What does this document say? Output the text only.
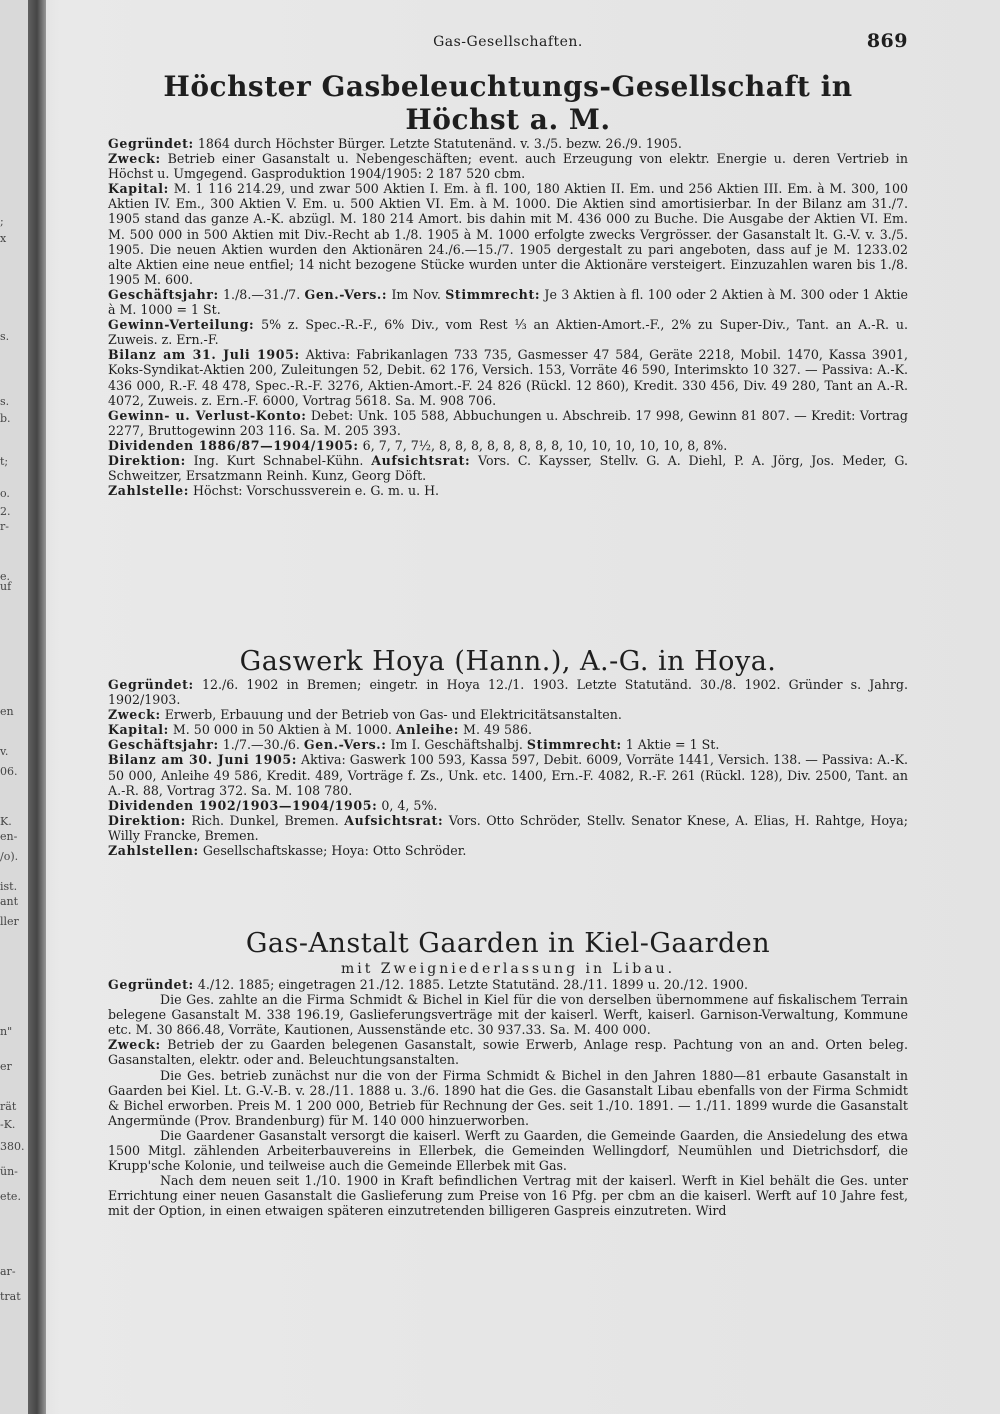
;
x
s.
s.
b.
t;
o.
2.
r-
e.
uf
en
v.
06.
K.
en-
/o).
ist.
ant
ller
n"
er
rät
-K.
380.
ün-
ete.
ar-
trat
Gas-Gesellschaften.	869
Höchster Gasbeleuchtungs-Gesellschaft in Höchst a. M.

Gegründet: 1864 durch Höchster Bürger. Letzte Statutenänd. v. 3./5. bezw. 26./9. 1905.

Zweck: Betrieb einer Gasanstalt u. Nebengeschäften; event. auch Erzeugung von elektr. Energie u. deren Vertrieb in Höchst u. Umgegend. Gasproduktion 1904/1905: 2 187 520 cbm.

Kapital: M. 1 116 214.29, und zwar 500 Aktien I. Em. à fl. 100, 180 Aktien II. Em. und 256 Aktien III. Em. à M. 300, 100 Aktien IV. Em., 300 Aktien V. Em. u. 500 Aktien VI. Em. à M. 1000. Die Aktien sind amortisierbar. In der Bilanz am 31./7. 1905 stand das ganze A.-K. abzügl. M. 180 214 Amort. bis dahin mit M. 436 000 zu Buche. Die Ausgabe der Aktien VI. Em. M. 500 000 in 500 Aktien mit Div.-Recht ab 1./8. 1905 à M. 1000 erfolgte zwecks Vergrösser. der Gasanstalt lt. G.-V. v. 3./5. 1905. Die neuen Aktien wurden den Aktionären 24./6.—15./7. 1905 dergestalt zu pari angeboten, dass auf je M. 1233.02 alte Aktien eine neue entfiel; 14 nicht bezogene Stücke wurden unter die Aktionäre versteigert. Einzuzahlen waren bis 1./8. 1905 M. 600.

Geschäftsjahr: 1./8.—31./7. Gen.-Vers.: Im Nov. Stimmrecht: Je 3 Aktien à fl. 100 oder 2 Aktien à M. 300 oder 1 Aktie à M. 1000 = 1 St.

Gewinn-Verteilung: 5% z. Spec.-R.-F., 6% Div., vom Rest ⅓ an Aktien-Amort.-F., 2% zu Super-Div., Tant. an A.-R. u. Zuweis. z. Ern.-F.

Bilanz am 31. Juli 1905: Aktiva: Fabrikanlagen 733 735, Gasmesser 47 584, Geräte 2218, Mobil. 1470, Kassa 3901, Koks-Syndikat-Aktien 200, Zuleitungen 52, Debit. 62 176, Versich. 153, Vorräte 46 590, Interimskto 10 327. — Passiva: A.-K. 436 000, R.-F. 48 478, Spec.-R.-F. 3276, Aktien-Amort.-F. 24 826 (Rückl. 12 860), Kredit. 330 456, Div. 49 280, Tant an A.-R. 4072, Zuweis. z. Ern.-F. 6000, Vortrag 5618. Sa. M. 908 706.

Gewinn- u. Verlust-Konto: Debet: Unk. 105 588, Abbuchungen u. Abschreib. 17 998, Gewinn 81 807. — Kredit: Vortrag 2277, Bruttogewinn 203 116. Sa. M. 205 393.

Dividenden 1886/87—1904/1905: 6, 7, 7, 7½, 8, 8, 8, 8, 8, 8, 8, 8, 10, 10, 10, 10, 10, 8, 8%.

Direktion: Ing. Kurt Schnabel-Kühn. Aufsichtsrat: Vors. C. Kaysser, Stellv. G. A. Diehl, P. A. Jörg, Jos. Meder, G. Schweitzer, Ersatzmann Reinh. Kunz, Georg Döft.

Zahlstelle: Höchst: Vorschussverein e. G. m. u. H.

Gaswerk Hoya (Hann.), A.-G. in Hoya.

Gegründet: 12./6. 1902 in Bremen; eingetr. in Hoya 12./1. 1903. Letzte Statutänd. 30./8. 1902. Gründer s. Jahrg. 1902/1903.

Zweck: Erwerb, Erbauung und der Betrieb von Gas- und Elektricitätsanstalten.

Kapital: M. 50 000 in 50 Aktien à M. 1000. Anleihe: M. 49 586.

Geschäftsjahr: 1./7.—30./6. Gen.-Vers.: Im I. Geschäftshalbj. Stimmrecht: 1 Aktie = 1 St.

Bilanz am 30. Juni 1905: Aktiva: Gaswerk 100 593, Kassa 597, Debit. 6009, Vorräte 1441, Versich. 138. — Passiva: A.-K. 50 000, Anleihe 49 586, Kredit. 489, Vorträge f. Zs., Unk. etc. 1400, Ern.-F. 4082, R.-F. 261 (Rückl. 128), Div. 2500, Tant. an A.-R. 88, Vortrag 372. Sa. M. 108 780.

Dividenden 1902/1903—1904/1905: 0, 4, 5%.

Direktion: Rich. Dunkel, Bremen. Aufsichtsrat: Vors. Otto Schröder, Stellv. Senator Knese, A. Elias, H. Rahtge, Hoya; Willy Francke, Bremen.

Zahlstellen: Gesellschaftskasse; Hoya: Otto Schröder.

Gas-Anstalt Gaarden in Kiel-Gaarden
mit Zweigniederlassung in Libau.

Gegründet: 4./12. 1885; eingetragen 21./12. 1885. Letzte Statutänd. 28./11. 1899 u. 20./12. 1900.

Die Ges. zahlte an die Firma Schmidt & Bichel in Kiel für die von derselben übernommene auf fiskalischem Terrain belegene Gasanstalt M. 338 196.19, Gaslieferungsverträge mit der kaiserl. Werft, kaiserl. Garnison-Verwaltung, Kommune etc. M. 30 866.48, Vorräte, Kautionen, Aussenstände etc. 30 937.33. Sa. M. 400 000.

Zweck: Betrieb der zu Gaarden belegenen Gasanstalt, sowie Erwerb, Anlage resp. Pachtung von an and. Orten beleg. Gasanstalten, elektr. oder and. Beleuchtungsanstalten.

Die Ges. betrieb zunächst nur die von der Firma Schmidt & Bichel in den Jahren 1880—81 erbaute Gasanstalt in Gaarden bei Kiel. Lt. G.-V.-B. v. 28./11. 1888 u. 3./6. 1890 hat die Ges. die Gasanstalt Libau ebenfalls von der Firma Schmidt & Bichel erworben. Preis M. 1 200 000, Betrieb für Rechnung der Ges. seit 1./10. 1891. — 1./11. 1899 wurde die Gasanstalt Angermünde (Prov. Brandenburg) für M. 140 000 hinzuerworben.

Die Gaardener Gasanstalt versorgt die kaiserl. Werft zu Gaarden, die Gemeinde Gaarden, die Ansiedelung des etwa 1500 Mitgl. zählenden Arbeiterbauvereins in Ellerbek, die Gemeinden Wellingdorf, Neumühlen und Dietrichsdorf, die Krupp'sche Kolonie, und teilweise auch die Gemeinde Ellerbek mit Gas.

Nach dem neuen seit 1./10. 1900 in Kraft befindlichen Vertrag mit der kaiserl. Werft in Kiel behält die Ges. unter Errichtung einer neuen Gasanstalt die Gaslieferung zum Preise von 16 Pfg. per cbm an die kaiserl. Werft auf 10 Jahre fest, mit der Option, in einen etwaigen späteren einzutretenden billigeren Gaspreis einzutreten. Wird
